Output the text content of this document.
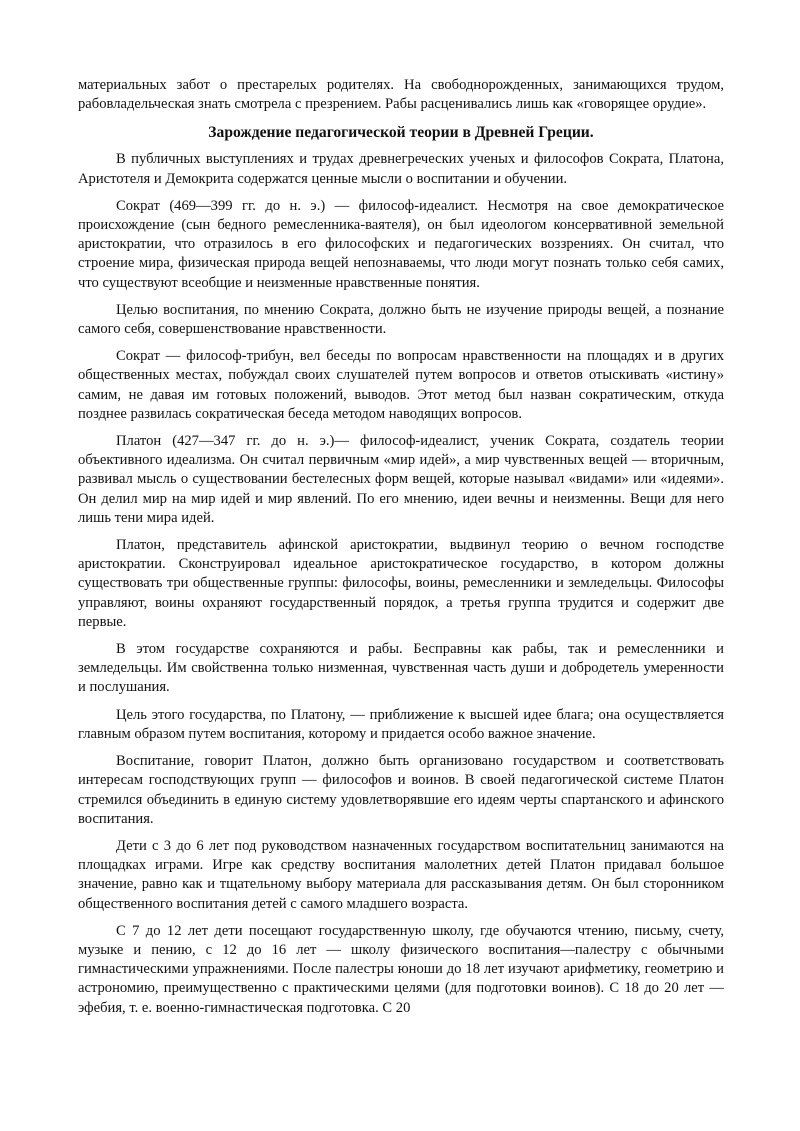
материальных забот о престарелых родителях. На свободнорожденных, занимающихся трудом, рабовладельческая знать смотрела с презрением. Рабы расценивались лишь как «говорящее орудие».

Зарождение педагогической теории в Древней Греции.

В публичных выступлениях и трудах древнегреческих ученых и философов Сократа, Платона, Аристотеля и Демокрита содержатся ценные мысли о воспитании и обучении.

Сократ (469—399 гг. до н. э.) — философ-идеалист. Несмотря на свое демократическое происхождение (сын бедного ремесленника-ваятеля), он был идеологом консервативной земельной аристократии, что отразилось в его философских и педагогических воззрениях. Он считал, что строение мира, физическая природа вещей непознаваемы, что люди могут познать только себя самих, что существуют всеобщие и неизменные нравственные понятия.

Целью воспитания, по мнению Сократа, должно быть не изучение природы вещей, а познание самого себя, совершенствование нравственности.

Сократ — философ-трибун, вел беседы по вопросам нравственности на площадях и в других общественных местах, побуждал своих слушателей путем вопросов и ответов отыскивать «истину» самим, не давая им готовых положений, выводов. Этот метод был назван сократическим, откуда позднее развилась сократическая беседа методом наводящих вопросов.

Платон (427—347 гг. до н. э.)— философ-идеалист, ученик Сократа, создатель теории объективного идеализма. Он считал первичным «мир идей», а мир чувственных вещей — вторичным, развивал мысль о существовании бестелесных форм вещей, которые называл «видами» или «идеями». Он делил мир на мир идей и мир явлений. По его мнению, идеи вечны и неизменны. Вещи для него лишь тени мира идей.

Платон, представитель афинской аристократии, выдвинул теорию о вечном господстве аристократии. Сконструировал идеальное аристократическое государство, в котором должны существовать три общественные группы: философы, воины, ремесленники и земледельцы. Философы управляют, воины охраняют государственный порядок, а третья группа трудится и содержит две первые.

В этом государстве сохраняются и рабы. Бесправны как рабы, так и ремесленники и земледельцы. Им свойственна только низменная, чувственная часть души и добродетель умеренности и послушания.

Цель этого государства, по Платону, — приближение к высшей идее блага; она осуществляется главным образом путем воспитания, которому и придается особо важное значение.

Воспитание, говорит Платон, должно быть организовано государством и соответствовать интересам господствующих групп — философов и воинов. В своей педагогической системе Платон стремился объединить в единую систему удовлетворявшие его идеям черты спартанского и афинского воспитания.

Дети с 3 до 6 лет под руководством назначенных государством воспитательниц занимаются на площадках играми. Игре как средству воспитания малолетних детей Платон придавал большое значение, равно как и тщательному выбору материала для рассказывания детям. Он был сторонником общественного воспитания детей с самого младшего возраста.

С 7 до 12 лет дети посещают государственную школу, где обучаются чтению, письму, счету, музыке и пению, с 12 до 16 лет — школу физического воспитания—палестру с обычными гимнастическими упражнениями. После палестры юноши до 18 лет изучают арифметику, геометрию и астрономию, преимущественно с практическими целями (для подготовки воинов). С 18 до 20 лет — эфебия, т. е. военно-гимнастическая подготовка. С 20
